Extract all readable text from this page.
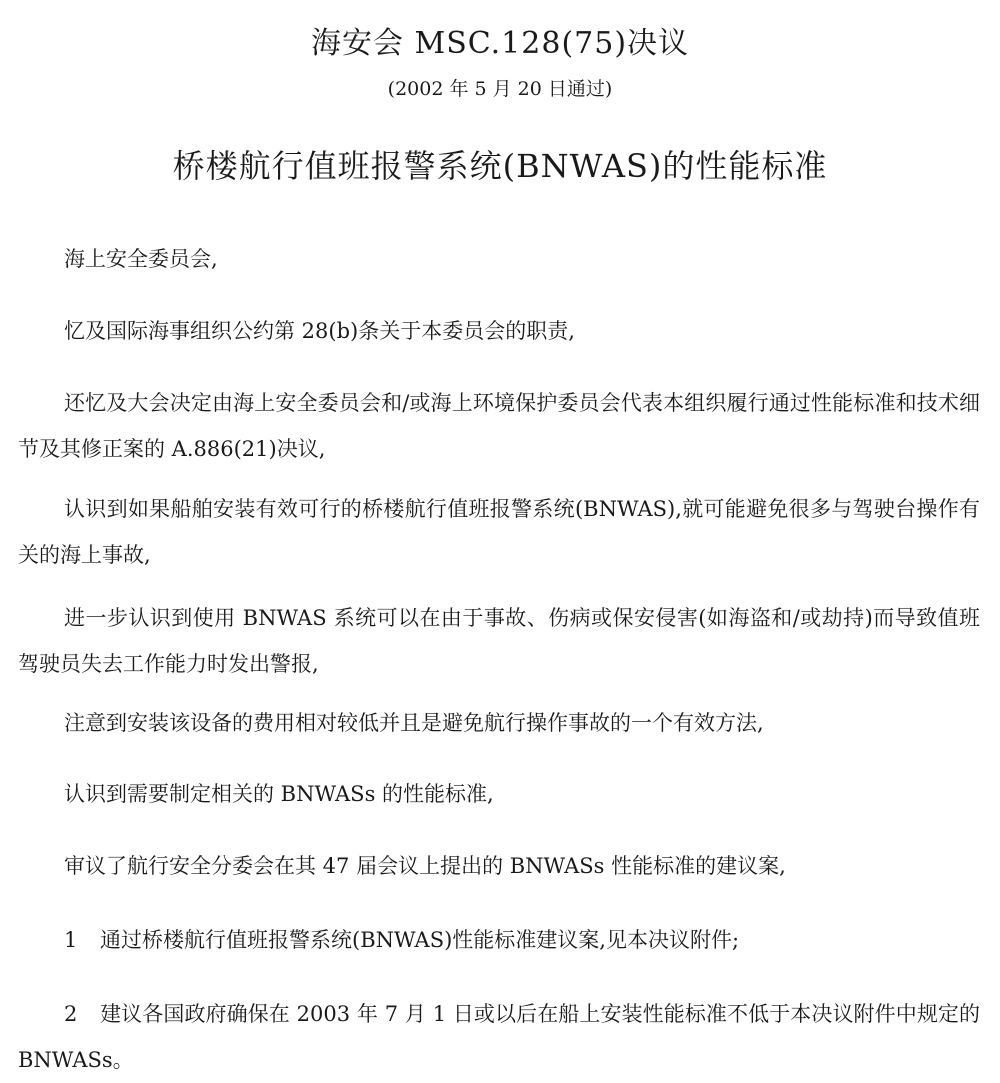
海安会 MSC.128(75)决议
(2002 年 5 月 20 日通过)
桥楼航行值班报警系统(BNWAS)的性能标准

海上安全委员会,

忆及国际海事组织公约第 28(b)条关于本委员会的职责,

还忆及大会决定由海上安全委员会和/或海上环境保护委员会代表本组织履行通过性能标准和技术细节及其修正案的 A.886(21)决议,

认识到如果船舶安装有效可行的桥楼航行值班报警系统(BNWAS),就可能避免很多与驾驶台操作有关的海上事故,

进一步认识到使用 BNWAS 系统可以在由于事故、伤病或保安侵害(如海盗和/或劫持)而导致值班驾驶员失去工作能力时发出警报,

注意到安装该设备的费用相对较低并且是避免航行操作事故的一个有效方法,

认识到需要制定相关的 BNWASs 的性能标准,

审议了航行安全分委会在其 47 届会议上提出的 BNWASs 性能标准的建议案,

1 通过桥楼航行值班报警系统(BNWAS)性能标准建议案,见本决议附件;

2 建议各国政府确保在 2003 年 7 月 1 日或以后在船上安装性能标准不低于本决议附件中规定的 BNWASs。
